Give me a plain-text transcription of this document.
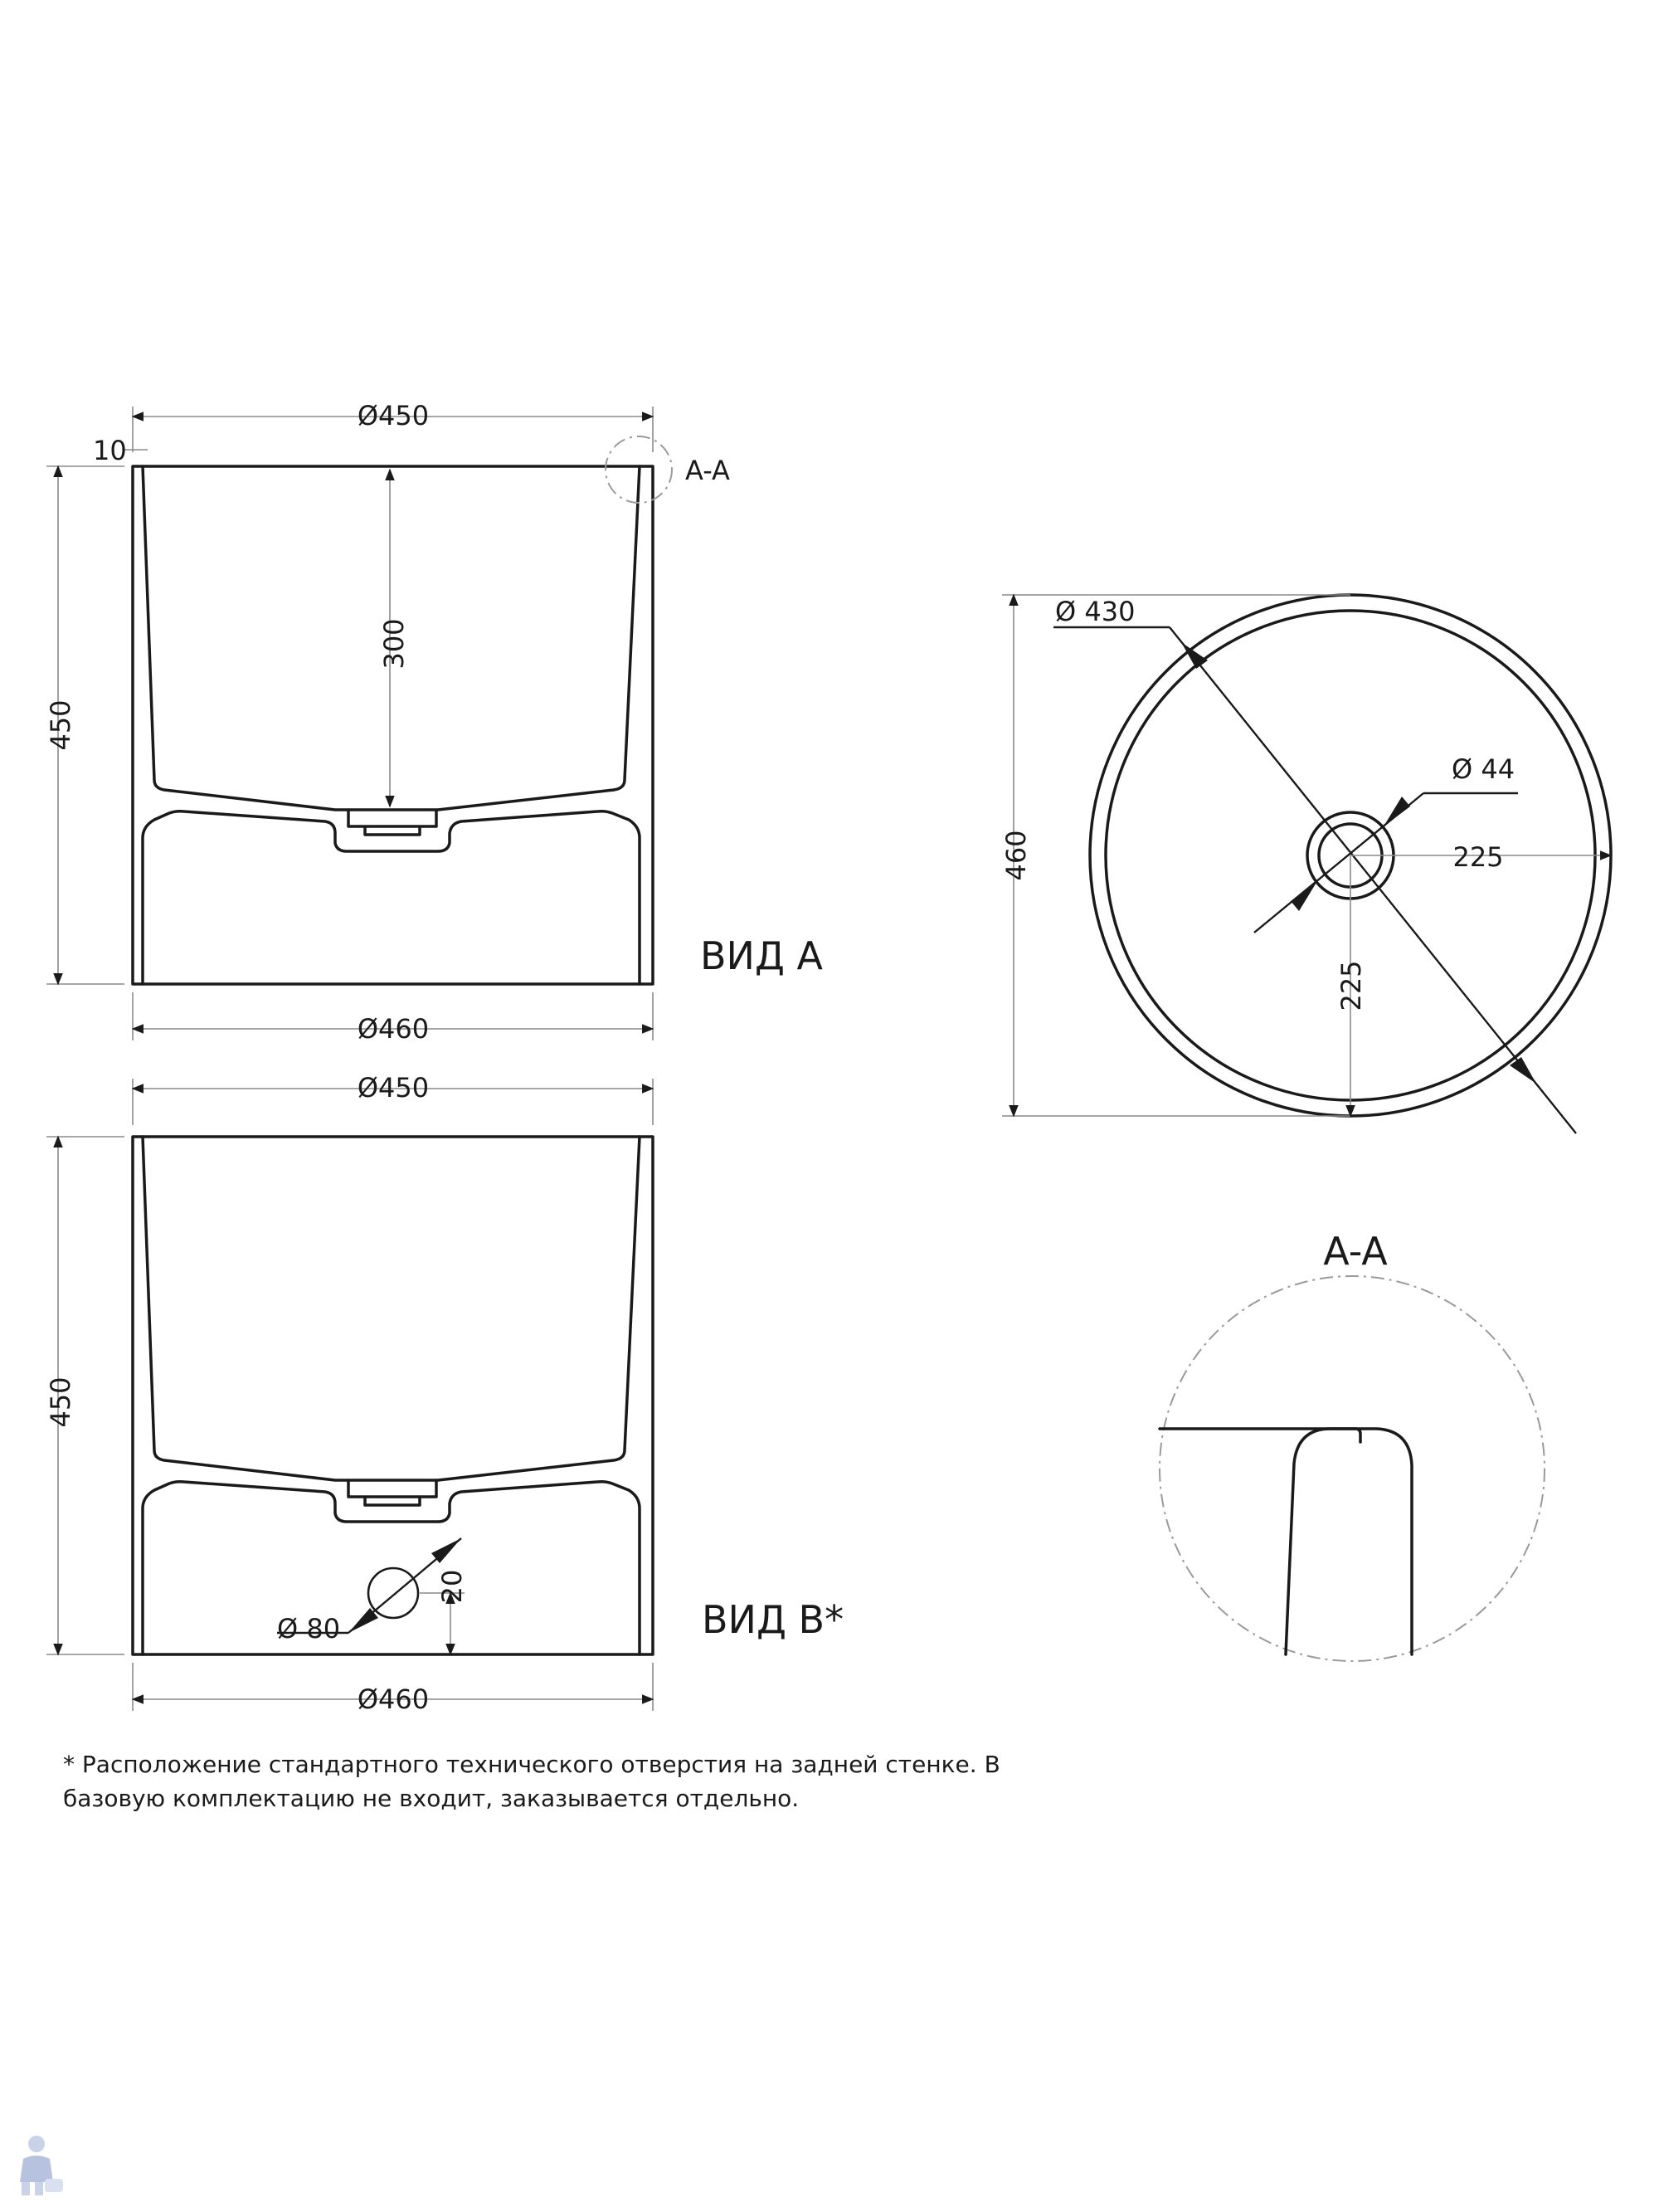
A-A
Ø450
10
450
300
Ø460
ВИД А
Ø 80
20
Ø450
450
Ø460
ВИД В*
460
Ø 430
Ø 44
225
225
A-A
* Расположение стандартного технического отверстия на задней стенке. В
базовую комплектацию не входит, заказывается отдельно.
